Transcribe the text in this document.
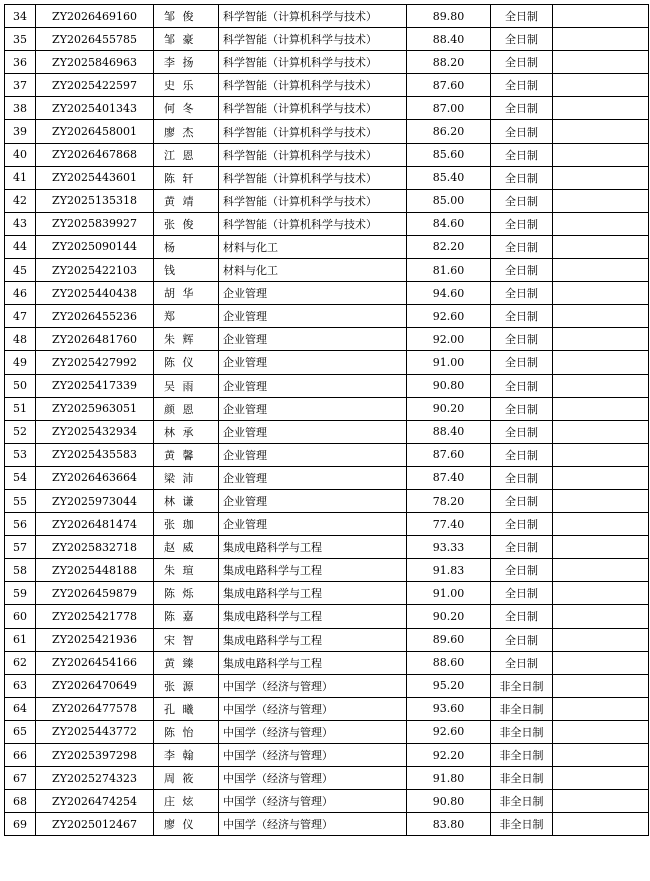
34	ZY2026469160	邹 俊	科学智能（计算机科学与技术）	89.80	全日制	
35	ZY2026455785	邹 豪	科学智能（计算机科学与技术）	88.40	全日制	
36	ZY2025846963	李 扬	科学智能（计算机科学与技术）	88.20	全日制	
37	ZY2025422597	史 乐	科学智能（计算机科学与技术）	87.60	全日制	
38	ZY2025401343	何 冬	科学智能（计算机科学与技术）	87.00	全日制	
39	ZY2026458001	廖 杰	科学智能（计算机科学与技术）	86.20	全日制	
40	ZY2026467868	江 恩	科学智能（计算机科学与技术）	85.60	全日制	
41	ZY2025443601	陈 轩	科学智能（计算机科学与技术）	85.40	全日制	
42	ZY2025135318	黄 靖	科学智能（计算机科学与技术）	85.00	全日制	
43	ZY2025839927	张 俊	科学智能（计算机科学与技术）	84.60	全日制	
44	ZY2025090144	杨	材料与化工	82.20	全日制	
45	ZY2025422103	钱	材料与化工	81.60	全日制	
46	ZY2025440438	胡 华	企业管理	94.60	全日制	
47	ZY2026455236	郑	企业管理	92.60	全日制	
48	ZY2026481760	朱 辉	企业管理	92.00	全日制	
49	ZY2025427992	陈 仪	企业管理	91.00	全日制	
50	ZY2025417339	吴 雨	企业管理	90.80	全日制	
51	ZY2025963051	颜 恩	企业管理	90.20	全日制	
52	ZY2025432934	林 承	企业管理	88.40	全日制	
53	ZY2025435583	黄 馨	企业管理	87.60	全日制	
54	ZY2026463664	梁 沛	企业管理	87.40	全日制	
55	ZY2025973044	林 谦	企业管理	78.20	全日制	
56	ZY2026481474	张 珈	企业管理	77.40	全日制	
57	ZY2025832718	赵 威	集成电路科学与工程	93.33	全日制	
58	ZY2025448188	朱 瑄	集成电路科学与工程	91.83	全日制	
59	ZY2026459879	陈 烁	集成电路科学与工程	91.00	全日制	
60	ZY2025421778	陈 嘉	集成电路科学与工程	90.20	全日制	
61	ZY2025421936	宋 智	集成电路科学与工程	89.60	全日制	
62	ZY2026454166	黄 臻	集成电路科学与工程	88.60	全日制	
63	ZY2026470649	张 源	中国学（经济与管理）	95.20	非全日制	
64	ZY2026477578	孔 曦	中国学（经济与管理）	93.60	非全日制	
65	ZY2025443772	陈 怡	中国学（经济与管理）	92.60	非全日制	
66	ZY2025397298	李 翰	中国学（经济与管理）	92.20	非全日制	
67	ZY2025274323	周 筱	中国学（经济与管理）	91.80	非全日制	
68	ZY2026474254	庄 炫	中国学（经济与管理）	90.80	非全日制	
69	ZY2025012467	廖 仪	中国学（经济与管理）	83.80	非全日制	
